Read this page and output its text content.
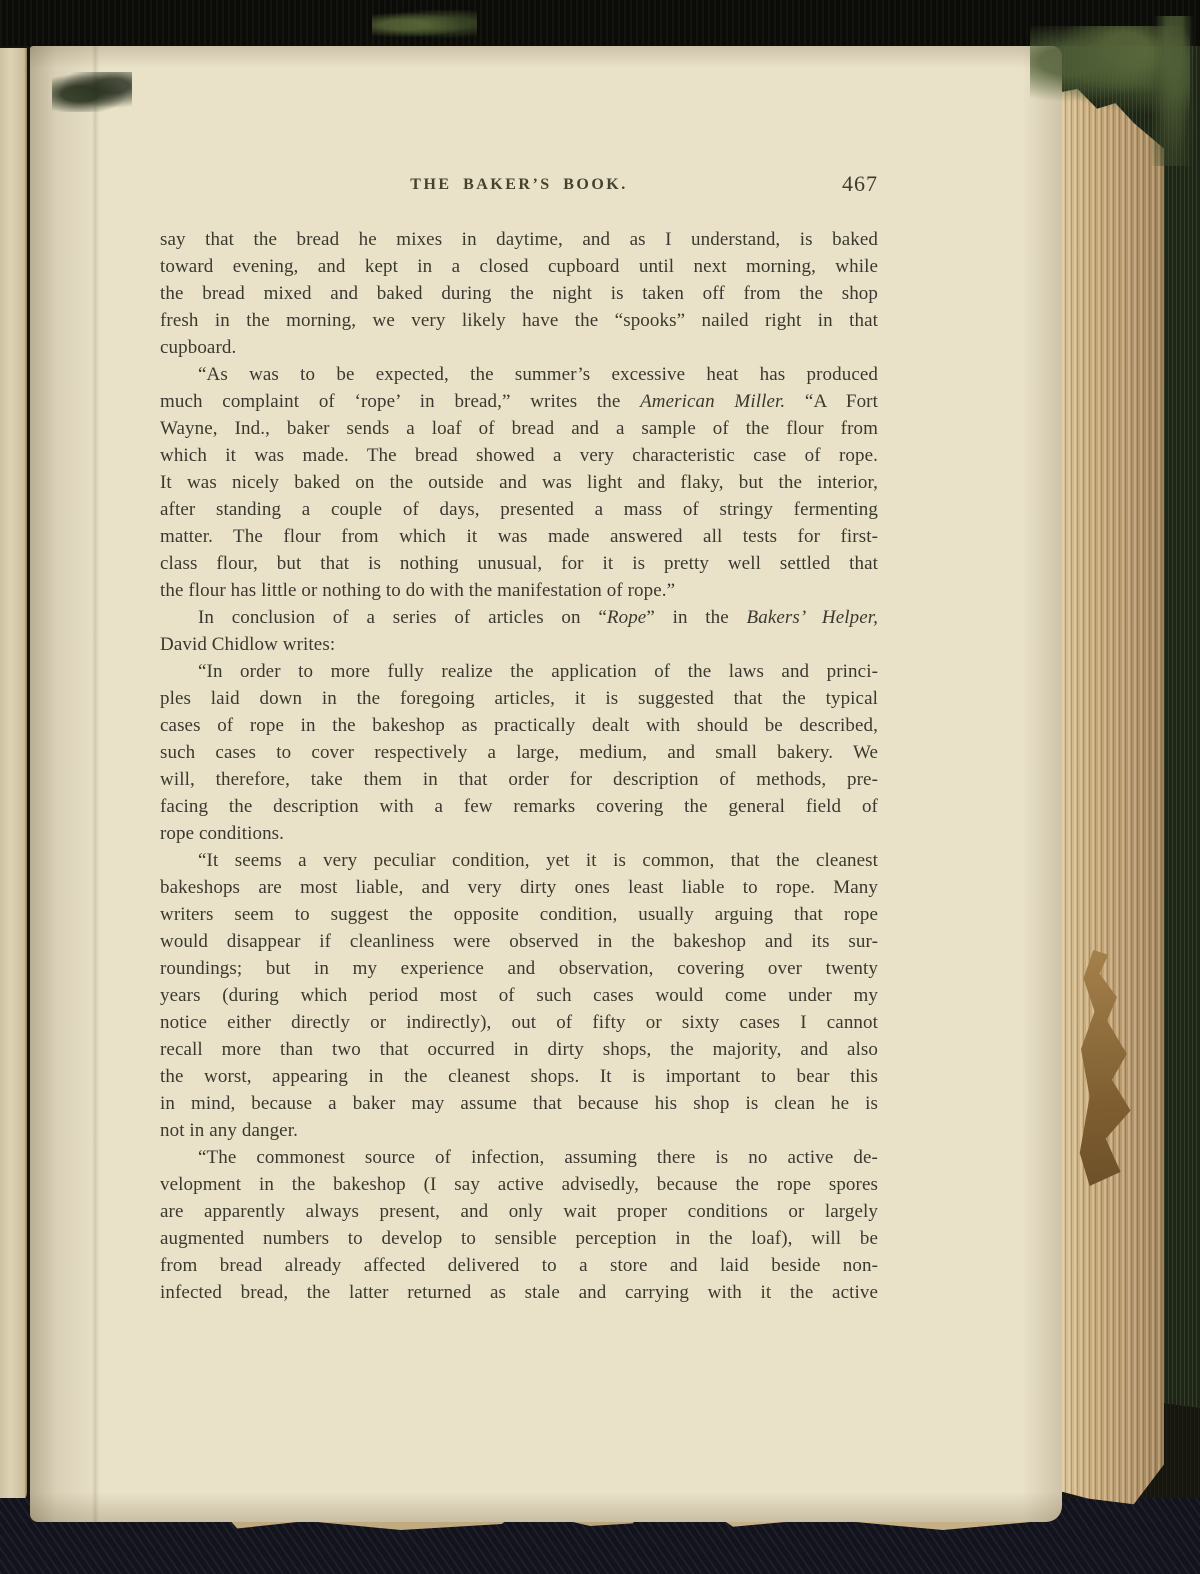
THE BAKER’S BOOK.	467
say that the bread he mixes in daytime, and as I understand, is baked
toward evening, and kept in a closed cupboard until next morning, while
the bread mixed and baked during the night is taken off from the shop
fresh in the morning, we very likely have the “spooks” nailed right in that
cupboard.
“As was to be expected, the summer’s excessive heat has produced
much complaint of ‘rope’ in bread,” writes the American Miller. “A Fort
Wayne, Ind., baker sends a loaf of bread and a sample of the flour from
which it was made. The bread showed a very characteristic case of rope.
It was nicely baked on the outside and was light and flaky, but the interior,
after standing a couple of days, presented a mass of stringy fermenting
matter. The flour from which it was made answered all tests for first-
class flour, but that is nothing unusual, for it is pretty well settled that
the flour has little or nothing to do with the manifestation of rope.”
In conclusion of a series of articles on “Rope” in the Bakers’ Helper,
David Chidlow writes:
“In order to more fully realize the application of the laws and princi-
ples laid down in the foregoing articles, it is suggested that the typical
cases of rope in the bakeshop as practically dealt with should be described,
such cases to cover respectively a large, medium, and small bakery. We
will, therefore, take them in that order for description of methods, pre-
facing the description with a few remarks covering the general field of
rope conditions.
“It seems a very peculiar condition, yet it is common, that the cleanest
bakeshops are most liable, and very dirty ones least liable to rope. Many
writers seem to suggest the opposite condition, usually arguing that rope
would disappear if cleanliness were observed in the bakeshop and its sur-
roundings; but in my experience and observation, covering over twenty
years (during which period most of such cases would come under my
notice either directly or indirectly), out of fifty or sixty cases I cannot
recall more than two that occurred in dirty shops, the majority, and also
the worst, appearing in the cleanest shops. It is important to bear this
in mind, because a baker may assume that because his shop is clean he is
not in any danger.
“The commonest source of infection, assuming there is no active de-
velopment in the bakeshop (I say active advisedly, because the rope spores
are apparently always present, and only wait proper conditions or largely
augmented numbers to develop to sensible perception in the loaf), will be
from bread already affected delivered to a store and laid beside non-
infected bread, the latter returned as stale and carrying with it the active
